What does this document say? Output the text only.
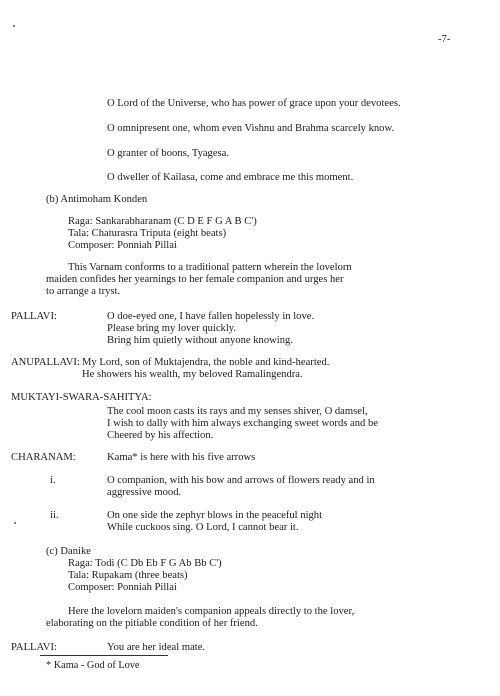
-7-
O Lord of the Universe, who has power of grace upon your devotees.
O omnipresent one, whom even Vishnu and Brahma scarcely know.
O granter of boons, Tyagesa.
O dweller of Kailasa, come and embrace me this moment.
(b) Antimoham Konden
Raga: Sankarabharanam (C D E F G A B C')
Tala: Chaturasra Triputa (eight beats)
Composer: Ponniah Pillai
This Varnam conforms to a traditional pattern wherein the lovelorn
maiden confides her yearnings to her female companion and urges her
to arrange a tryst.
PALLAVI:	O doe-eyed one, I have fallen hopelessly in love.
Please bring my lover quickly.
Bring him quietly without anyone knowing.
ANUPALLAVI: My Lord, son of Muktajendra, the noble and kind-hearted.
He showers his wealth, my beloved Ramalingendra.
MUKTAYI-SWARA-SAHITYA:
The cool moon casts its rays and my senses shiver, O damsel,
I wish to dally with him always exchanging sweet words and be
Cheered by his affection.
CHARANAM:	Kama* is here with his five arrows
i.	O companion, with his bow and arrows of flowers ready and in
aggressive mood.
ii.	On one side the zephyr blows in the peaceful night
While cuckoos sing. O Lord, I cannot bear it.
(c) Danike
Raga: Todi (C Db Eb F G Ab Bb C')
Tala: Rupakam (three beats)
Composer: Ponniah Pillai
Here the lovelorn maiden's companion appeals directly to the lover,
elaborating on the pitiable condition of her friend.
PALLAVI:	You are her ideal mate.
* Kama - God of Love
